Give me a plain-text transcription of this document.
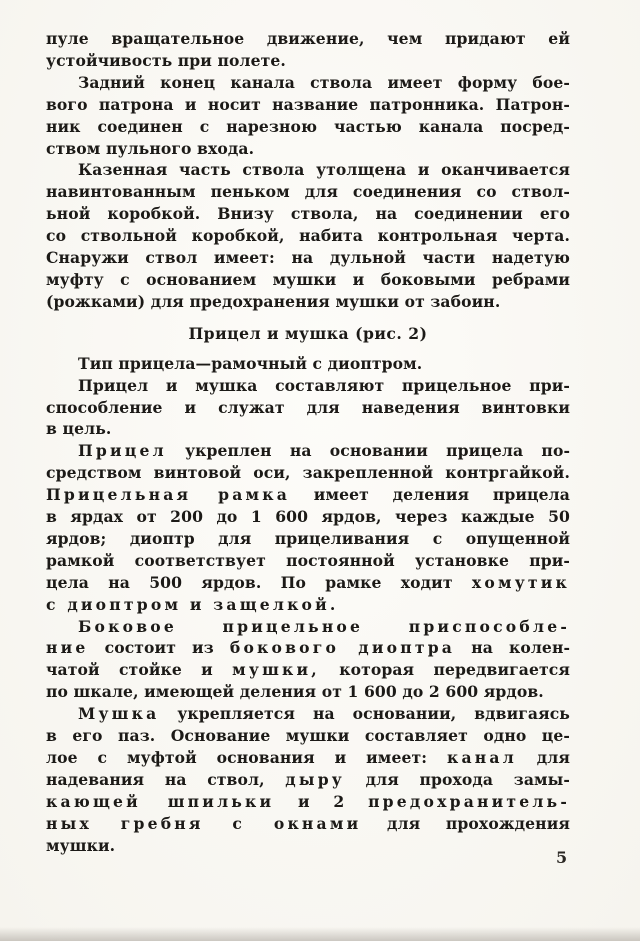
пуле вращательное движение, чем придают ей
устойчивость при полете.

Задний конец канала ствола имеет форму боe-
вого патрона и носит название патронника. Патрон-
ник соединен с нарезною частью канала посред-
ством пульного входа.

Казенная часть ствола утолщена и оканчивается
навинтованным пеньком для соединения со ствол-
ьной коробкой. Внизу ствола, на соединении его
со ствольной коробкой, набита контрольная черта.
Снаружи ствол имеет: на дульной части надетую
муфту с основанием мушки и боковыми ребрами
(рожками) для предохранения мушки от забоин.

Прицел и мушка (рис. 2)

Тип прицела—рамочный с диоптром.

Прицел и мушка составляют прицельное при-
способление и служат для наведения винтовки
в цель.

Прицел укреплен на основании прицела по-
средством винтовой оси, закрепленной контргайкой.
Прицельная рамка имеет деления прицела
в ярдах от 200 до 1 600 ярдов, через каждые 50
ярдов; диоптр для прицеливания с опущенной
рамкой соответствует постоянной установке при-
цела на 500 ярдов. По рамке ходит хомутик
с диоптром и защелкой.

Боковое прицельное приспособле-
ние состоит из бокового диоптра на колен-
чатой стойке и мушки, которая передвигается
по шкале, имеющей деления от 1 600 до 2 600 ярдов.

Мушка укрепляется на основании, вдвигаясь
в его паз. Основание мушки составляет одно це-
лое с муфтой основания и имеет: канал для
надевания на ствол, дыру для прохода замы-
кающей шпильки и 2 предохранитель-
ных гребня с окнами для прохождения
мушки.

5
